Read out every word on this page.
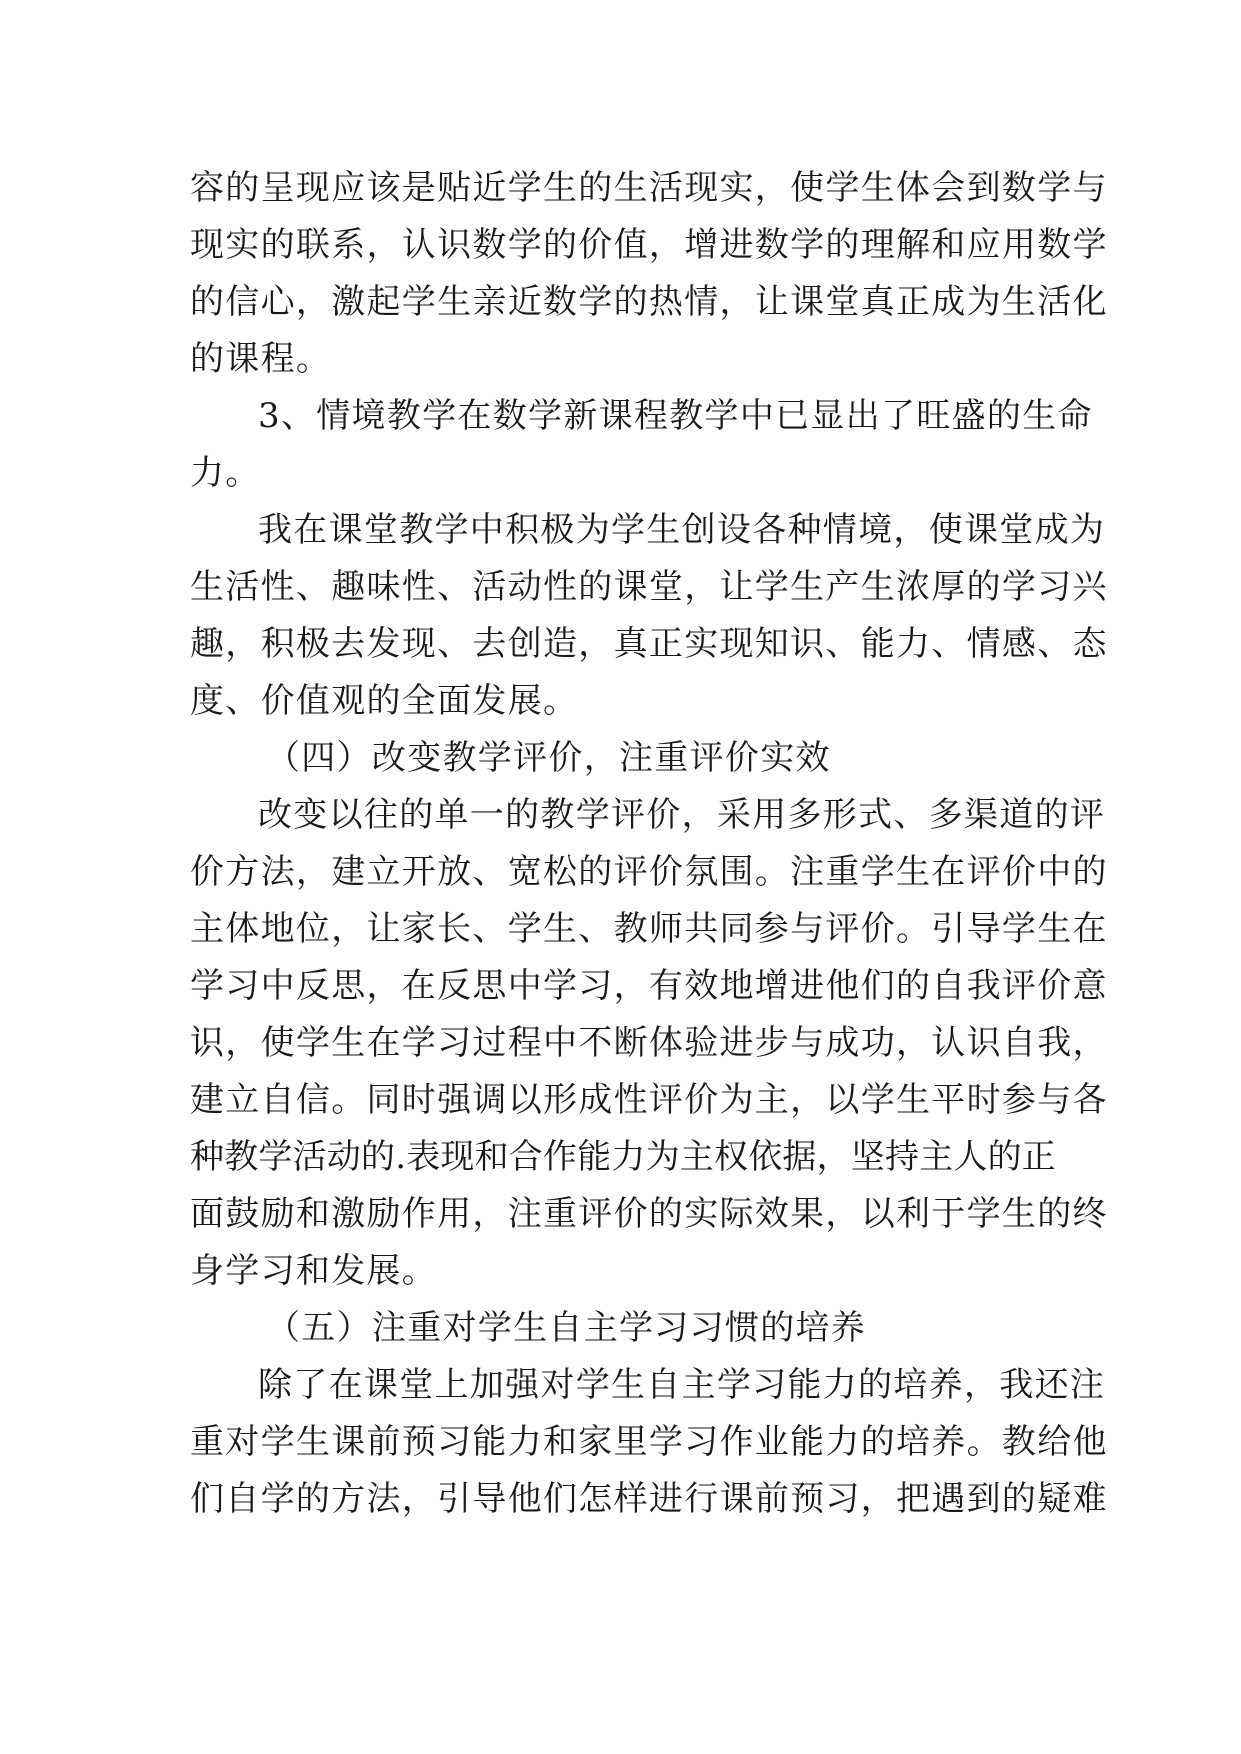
容的呈现应该是贴近学生的生活现实，使学生体会到数学与
现实的联系，认识数学的价值，增进数学的理解和应用数学
的信心，激起学生亲近数学的热情，让课堂真正成为生活化
的课程。
3、情境教学在数学新课程教学中已显出了旺盛的生命
力。
我在课堂教学中积极为学生创设各种情境，使课堂成为
生活性、趣味性、活动性的课堂，让学生产生浓厚的学习兴
趣，积极去发现、去创造，真正实现知识、能力、情感、态
度、价值观的全面发展。
（四）改变教学评价，注重评价实效
改变以往的单一的教学评价，采用多形式、多渠道的评
价方法，建立开放、宽松的评价氛围。注重学生在评价中的
主体地位，让家长、学生、教师共同参与评价。引导学生在
学习中反思，在反思中学习，有效地增进他们的自我评价意
识，使学生在学习过程中不断体验进步与成功，认识自我，
建立自信。同时强调以形成性评价为主，以学生平时参与各
种教学活动的.表现和合作能力为主权依据，坚持主人的正
面鼓励和激励作用，注重评价的实际效果，以利于学生的终
身学习和发展。
（五）注重对学生自主学习习惯的培养
除了在课堂上加强对学生自主学习能力的培养，我还注
重对学生课前预习能力和家里学习作业能力的培养。教给他
们自学的方法，引导他们怎样进行课前预习，把遇到的疑难
